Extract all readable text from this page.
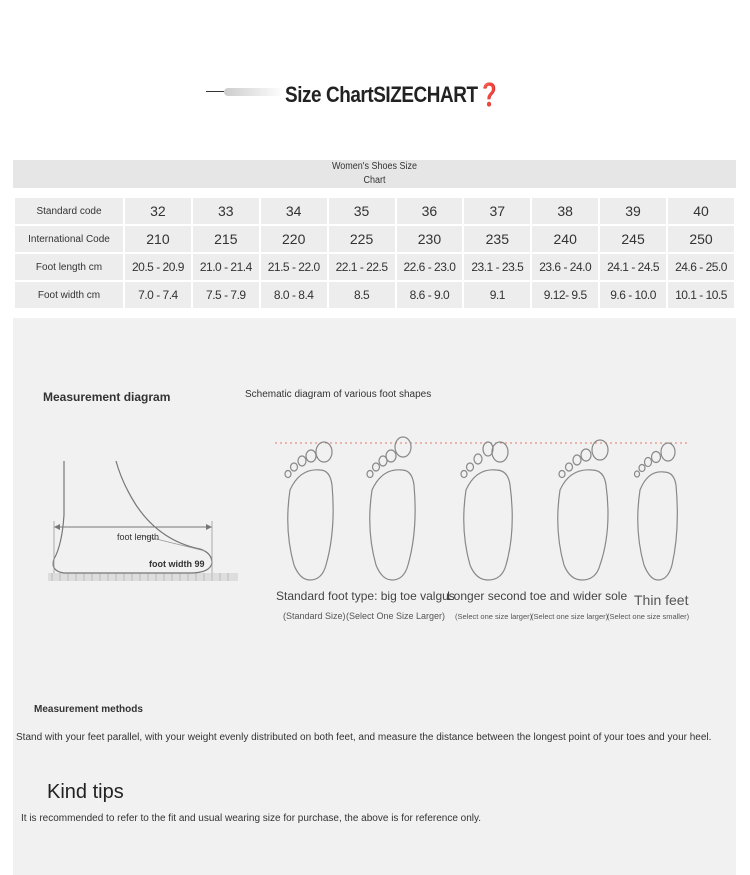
Size ChartSIZECHART❓
Women's Shoes Size
Chart
Standard code	32	33	34	35	36	37	38	39	40
International Code	210	215	220	225	230	235	240	245	250
Foot length cm	20.5 - 20.9	21.0 - 21.4	21.5 - 22.0	22.1 - 22.5	22.6 - 23.0	23.1 - 23.5	23.6 - 24.0	24.1 - 24.5	24.6 - 25.0
Foot width cm	7.0 - 7.4	7.5 - 7.9	8.0 - 8.4	8.5	8.6 - 9.0	9.1	9.12- 9.5	9.6 - 10.0	10.1 - 10.5
Measurement diagram	Schematic diagram of various foot shapes
foot length
foot width 99
Standard foot type: big toe valgus
Longer second toe and wider sole Thin feet
(Standard Size) (Select One Size Larger) (Select one size larger)
(Select one size larger)
(Select one size smaller)
Measurement methods
Stand with your feet parallel, with your weight evenly distributed on both feet, and measure the distance between the longest point of your toes and your heel.
Kind tips
It is recommended to refer to the fit and usual wearing size for purchase, the above is for reference only.
